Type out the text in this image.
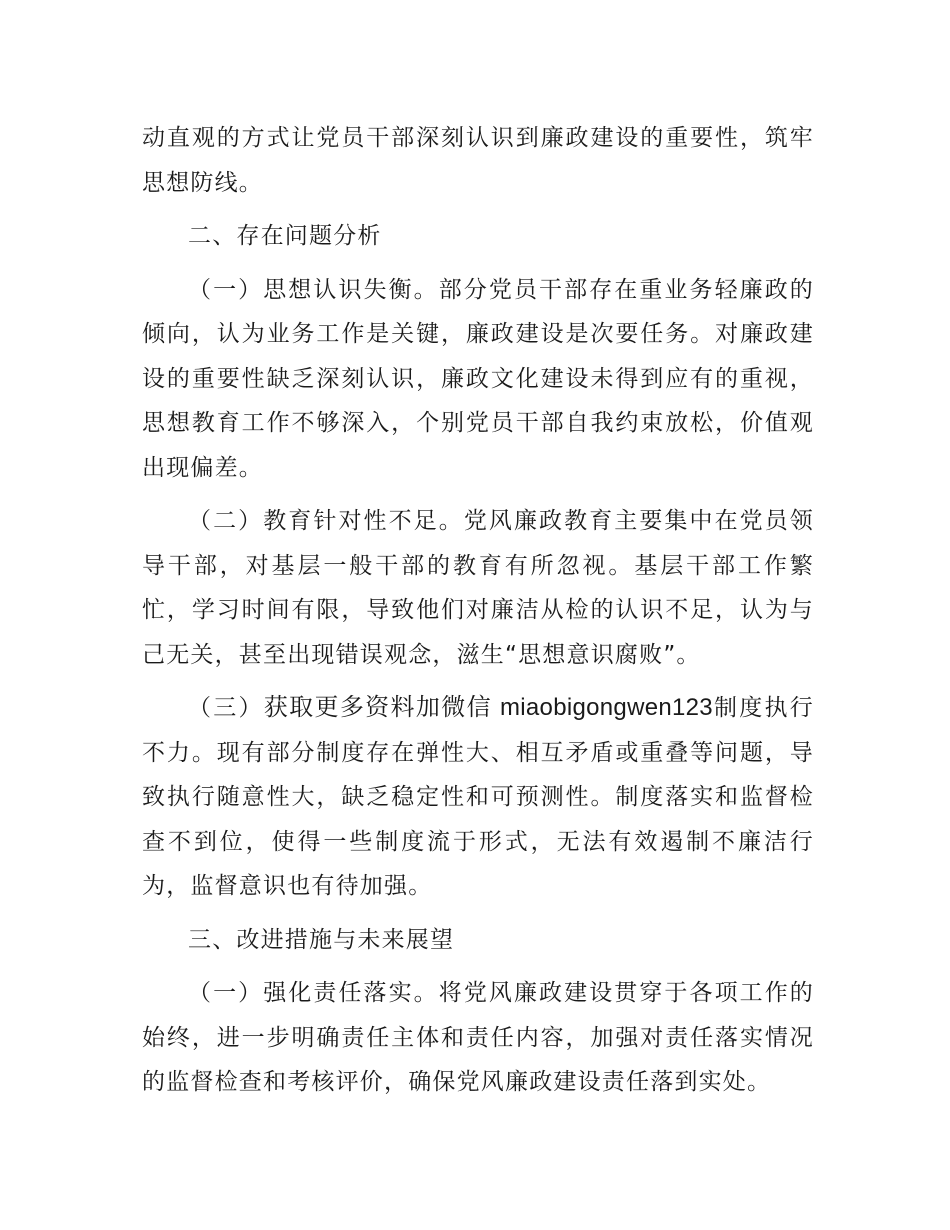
动直观的方式让党员干部深刻认识到廉政建设的重要性，筑牢思想防线。

二、存在问题分析

（一）思想认识失衡。部分党员干部存在重业务轻廉政的倾向，认为业务工作是关键，廉政建设是次要任务。对廉政建设的重要性缺乏深刻认识，廉政文化建设未得到应有的重视，思想教育工作不够深入，个别党员干部自我约束放松，价值观出现偏差。

（二）教育针对性不足。党风廉政教育主要集中在党员领导干部，对基层一般干部的教育有所忽视。基层干部工作繁忙，学习时间有限，导致他们对廉洁从检的认识不足，认为与己无关，甚至出现错误观念，滋生“思想意识腐败”。

（三）获取更多资料加微信 miaobigongwen123制度执行不力。现有部分制度存在弹性大、相互矛盾或重叠等问题，导致执行随意性大，缺乏稳定性和可预测性。制度落实和监督检查不到位，使得一些制度流于形式，无法有效遏制不廉洁行为，监督意识也有待加强。

三、改进措施与未来展望

（一）强化责任落实。将党风廉政建设贯穿于各项工作的始终，进一步明确责任主体和责任内容，加强对责任落实情况的监督检查和考核评价，确保党风廉政建设责任落到实处。
